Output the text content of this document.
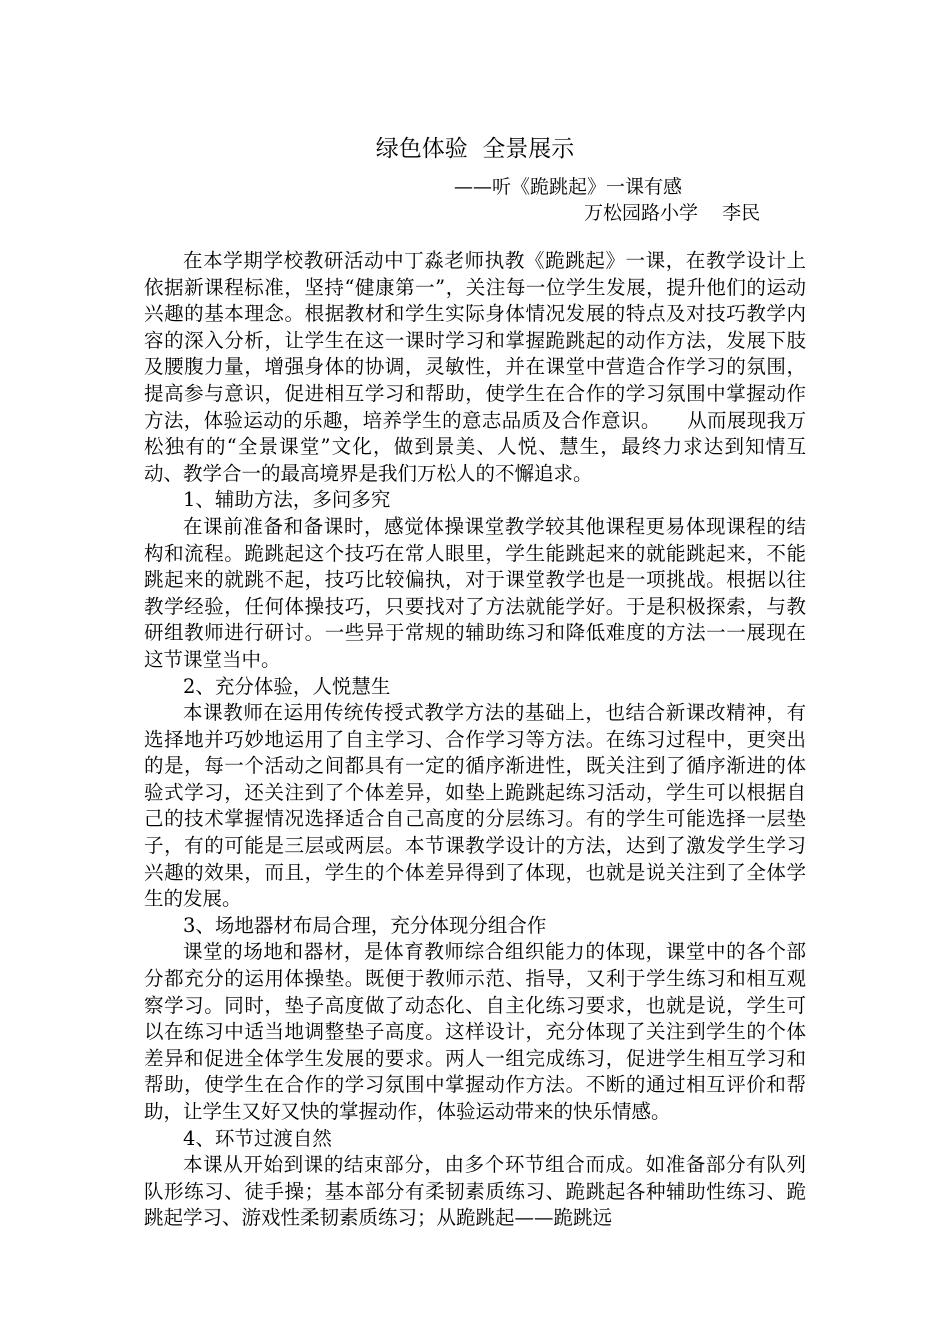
绿色体验  全景展示
——听《跪跳起》一课有感
万松园路小学    李民

在本学期学校教研活动中丁淼老师执教《跪跳起》一课，在教学设计上依据新课程标准，坚持“健康第一”，关注每一位学生发展，提升他们的运动兴趣的基本理念。根据教材和学生实际身体情况发展的特点及对技巧教学内容的深入分析，让学生在这一课时学习和掌握跪跳起的动作方法，发展下肢及腰腹力量，增强身体的协调，灵敏性，并在课堂中营造合作学习的氛围，提高参与意识，促进相互学习和帮助，使学生在合作的学习氛围中掌握动作方法，体验运动的乐趣，培养学生的意志品质及合作意识。    从而展现我万松独有的“全景课堂”文化，做到景美、人悦、慧生，最终力求达到知情互动、教学合一的最高境界是我们万松人的不懈追求。

1、辅助方法，多问多究

在课前准备和备课时，感觉体操课堂教学较其他课程更易体现课程的结构和流程。跪跳起这个技巧在常人眼里，学生能跳起来的就能跳起来，不能跳起来的就跳不起，技巧比较偏执，对于课堂教学也是一项挑战。根据以往教学经验，任何体操技巧，只要找对了方法就能学好。于是积极探索，与教研组教师进行研讨。一些异于常规的辅助练习和降低难度的方法一一展现在这节课堂当中。

2、充分体验，人悦慧生

本课教师在运用传统传授式教学方法的基础上，也结合新课改精神，有选择地并巧妙地运用了自主学习、合作学习等方法。在练习过程中，更突出的是，每一个活动之间都具有一定的循序渐进性，既关注到了循序渐进的体验式学习，还关注到了个体差异，如垫上跪跳起练习活动，学生可以根据自己的技术掌握情况选择适合自己高度的分层练习。有的学生可能选择一层垫子，有的可能是三层或两层。本节课教学设计的方法，达到了激发学生学习兴趣的效果，而且，学生的个体差异得到了体现，也就是说关注到了全体学生的发展。

3、场地器材布局合理，充分体现分组合作

课堂的场地和器材，是体育教师综合组织能力的体现，课堂中的各个部分都充分的运用体操垫。既便于教师示范、指导，又利于学生练习和相互观察学习。同时，垫子高度做了动态化、自主化练习要求，也就是说，学生可以在练习中适当地调整垫子高度。这样设计，充分体现了关注到学生的个体差异和促进全体学生发展的要求。两人一组完成练习，促进学生相互学习和帮助，使学生在合作的学习氛围中掌握动作方法。不断的通过相互评价和帮助，让学生又好又快的掌握动作，体验运动带来的快乐情感。

4、环节过渡自然

本课从开始到课的结束部分，由多个环节组合而成。如准备部分有队列队形练习、徒手操；基本部分有柔韧素质练习、跪跳起各种辅助性练习、跪跳起学习、游戏性柔韧素质练习；从跪跳起——跪跳远
